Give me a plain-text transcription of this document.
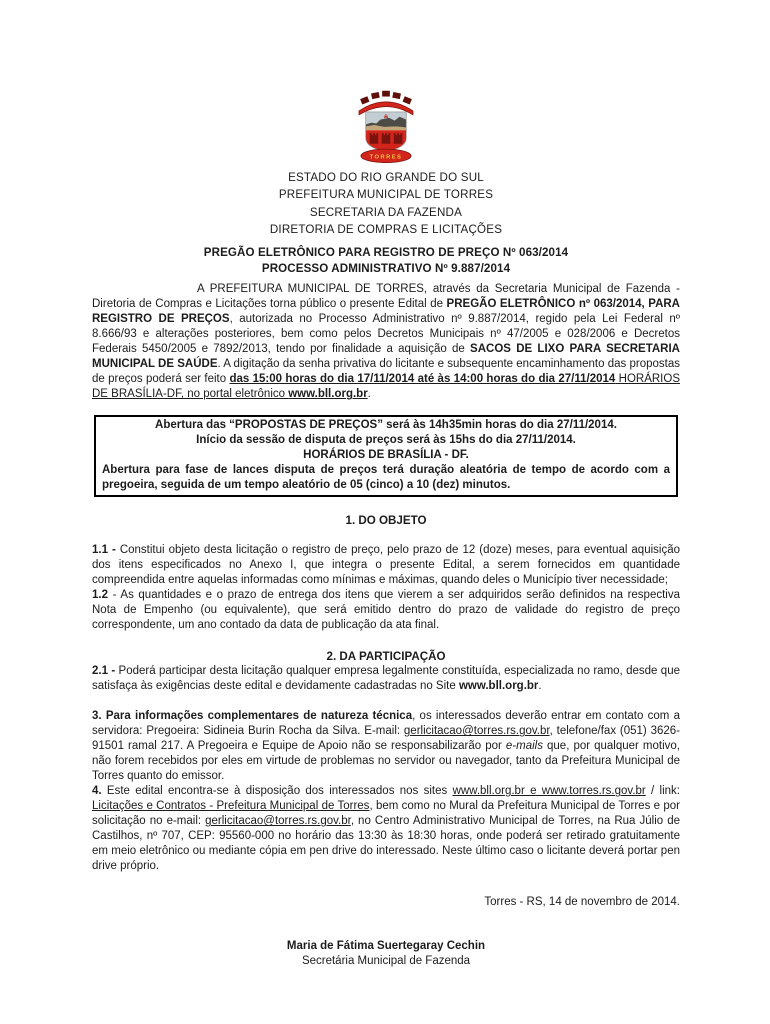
TORRES
ESTADO DO RIO GRANDE DO SUL
PREFEITURA MUNICIPAL DE TORRES
SECRETARIA DA FAZENDA
DIRETORIA DE COMPRAS E LICITAÇÕES
PREGÃO ELETRÔNICO PARA REGISTRO DE PREÇO Nº 063/2014
PROCESSO ADMINISTRATIVO Nº 9.887/2014

A PREFEITURA MUNICIPAL DE TORRES, através da Secretaria Municipal de Fazenda - Diretoria de Compras e Licitações torna público o presente Edital de PREGÃO ELETRÔNICO nº 063/2014, PARA REGISTRO DE PREÇOS, autorizada no Processo Administrativo nº 9.887/2014, regido pela Lei Federal nº 8.666/93 e alterações posteriores, bem como pelos Decretos Municipais nº 47/2005 e 028/2006 e Decretos Federais 5450/2005 e 7892/2013, tendo por finalidade a aquisição de SACOS DE LIXO PARA SECRETARIA MUNICIPAL DE SAÚDE. A digitação da senha privativa do licitante e subsequente encaminhamento das propostas de preços poderá ser feito das 15:00 horas do dia 17/11/2014 até às 14:00 horas do dia 27/11/2014 HORÁRIOS DE BRASÍLIA-DF, no portal eletrônico www.bll.org.br.

Abertura das “PROPOSTAS DE PREÇOS” será às 14h35min horas do dia 27/11/2014.
Início da sessão de disputa de preços será às 15hs do dia 27/11/2014.
HORÁRIOS DE BRASÍLIA - DF.
Abertura para fase de lances disputa de preços terá duração aleatória de tempo de acordo com a pregoeira, seguida de um tempo aleatório de 05 (cinco) a 10 (dez) minutos.
1. DO OBJETO

1.1 - Constitui objeto desta licitação o registro de preço, pelo prazo de 12 (doze) meses, para eventual aquisição dos itens especificados no Anexo I, que integra o presente Edital, a serem fornecidos em quantidade compreendida entre aquelas informadas como mínimas e máximas, quando deles o Município tiver necessidade;

1.2 - As quantidades e o prazo de entrega dos itens que vierem a ser adquiridos serão definidos na respectiva Nota de Empenho (ou equivalente), que será emitido dentro do prazo de validade do registro de preço correspondente, um ano contado da data de publicação da ata final.

2. DA PARTICIPAÇÃO

2.1 - Poderá participar desta licitação qualquer empresa legalmente constituída, especializada no ramo, desde que satisfaça às exigências deste edital e devidamente cadastradas no Site www.bll.org.br.

3. Para informações complementares de natureza técnica, os interessados deverão entrar em contato com a servidora: Pregoeira: Sidineia Burin Rocha da Silva. E-mail: gerlicitacao@torres.rs.gov.br, telefone/fax (051) 3626-91501 ramal 217. A Pregoeira e Equipe de Apoio não se responsabilizarão por e-mails que, por qualquer motivo, não forem recebidos por eles em virtude de problemas no servidor ou navegador, tanto da Prefeitura Municipal de Torres quanto do emissor.

4. Este edital encontra-se à disposição dos interessados nos sites www.bll.org.br e www.torres.rs.gov.br / link: Licitações e Contratos - Prefeitura Municipal de Torres, bem como no Mural da Prefeitura Municipal de Torres e por solicitação no e-mail: gerlicitacao@torres.rs.gov.br, no Centro Administrativo Municipal de Torres, na Rua Júlio de Castilhos, nº 707, CEP: 95560-000 no horário das 13:30 às 18:30 horas, onde poderá ser retirado gratuitamente em meio eletrônico ou mediante cópia em pen drive do interessado. Neste último caso o licitante deverá portar pen drive próprio.

Torres - RS, 14 de novembro de 2014.

Maria de Fátima Suertegaray Cechin
Secretária Municipal de Fazenda
